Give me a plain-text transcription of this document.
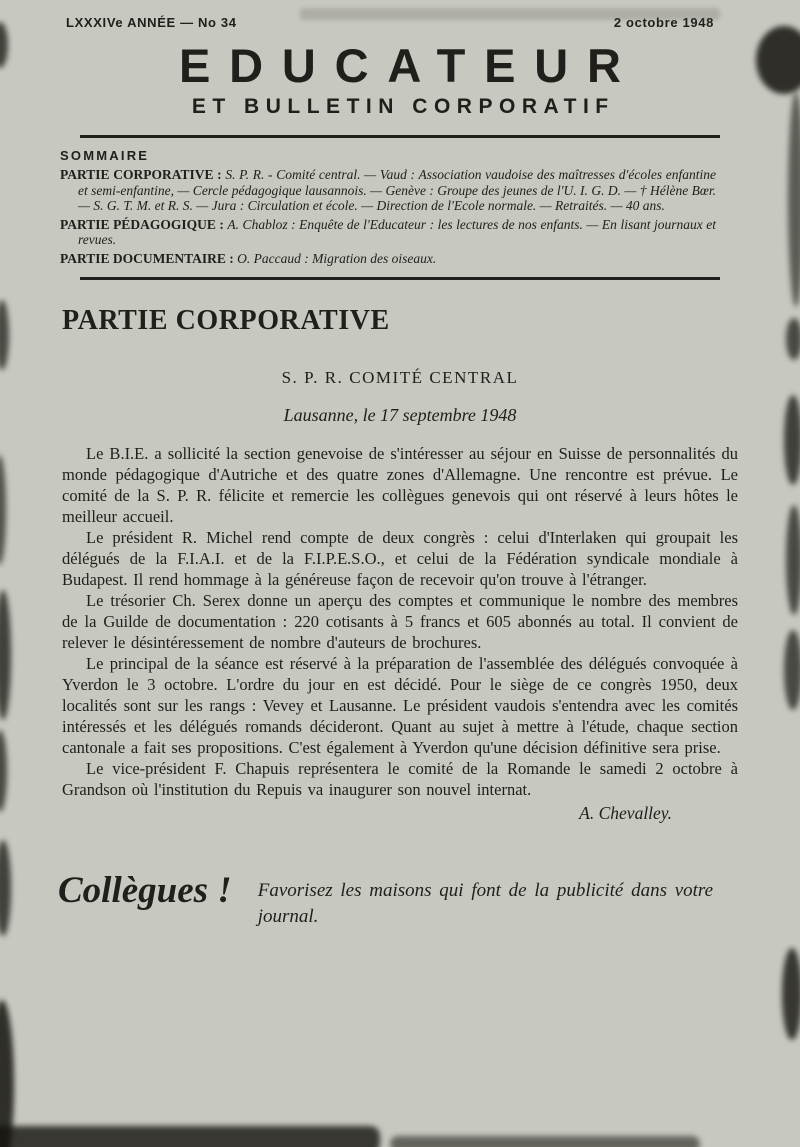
LXXXIVe ANNÉE — No 34	2 octobre 1948
EDUCATEUR
ET BULLETIN CORPORATIF
SOMMAIRE

PARTIE CORPORATIVE : S. P. R. - Comité central. — Vaud : Association vaudoise des maîtresses d'écoles enfantine et semi-enfantine, — Cercle pédagogique lausannois. — Genève : Groupe des jeunes de l'U. I. G. D. — † Hélène Bœr. — S. G. T. M. et R. S. — Jura : Circulation et école. — Direction de l'Ecole normale. — Retraités. — 40 ans.

PARTIE PÉDAGOGIQUE : A. Chabloz : Enquête de l'Educateur : les lectures de nos enfants. — En lisant journaux et revues.

PARTIE DOCUMENTAIRE : O. Paccaud : Migration des oiseaux.

PARTIE CORPORATIVE
S. P. R. COMITÉ CENTRAL
Lausanne, le 17 septembre 1948

Le B.I.E. a sollicité la section genevoise de s'intéresser au séjour en Suisse de personnalités du monde pédagogique d'Autriche et des quatre zones d'Allemagne. Une rencontre est prévue. Le comité de la S. P. R. félicite et remercie les collègues genevois qui ont réservé à leurs hôtes le meilleur accueil.

Le président R. Michel rend compte de deux congrès : celui d'Interlaken qui groupait les délégués de la F.I.A.I. et de la F.I.P.E.S.O., et celui de la Fédération syndicale mondiale à Budapest. Il rend hommage à la généreuse façon de recevoir qu'on trouve à l'étranger.

Le trésorier Ch. Serex donne un aperçu des comptes et communique le nombre des membres de la Guilde de documentation : 220 cotisants à 5 francs et 605 abonnés au total. Il convient de relever le désintéressement de nombre d'auteurs de brochures.

Le principal de la séance est réservé à la préparation de l'assemblée des délégués convoquée à Yverdon le 3 octobre. L'ordre du jour en est décidé. Pour le siège de ce congrès 1950, deux localités sont sur les rangs : Vevey et Lausanne. Le président vaudois s'entendra avec les comités intéressés et les délégués romands décideront. Quant au sujet à mettre à l'étude, chaque section cantonale a fait ses propositions. C'est également à Yverdon qu'une décision définitive sera prise.

Le vice-président F. Chapuis représentera le comité de la Romande le samedi 2 octobre à Grandson où l'institution du Repuis va inaugurer son nouvel internat.

A. Chevalley.
Collègues ! Favorisez les maisons qui font de la publicité dans votre journal.
